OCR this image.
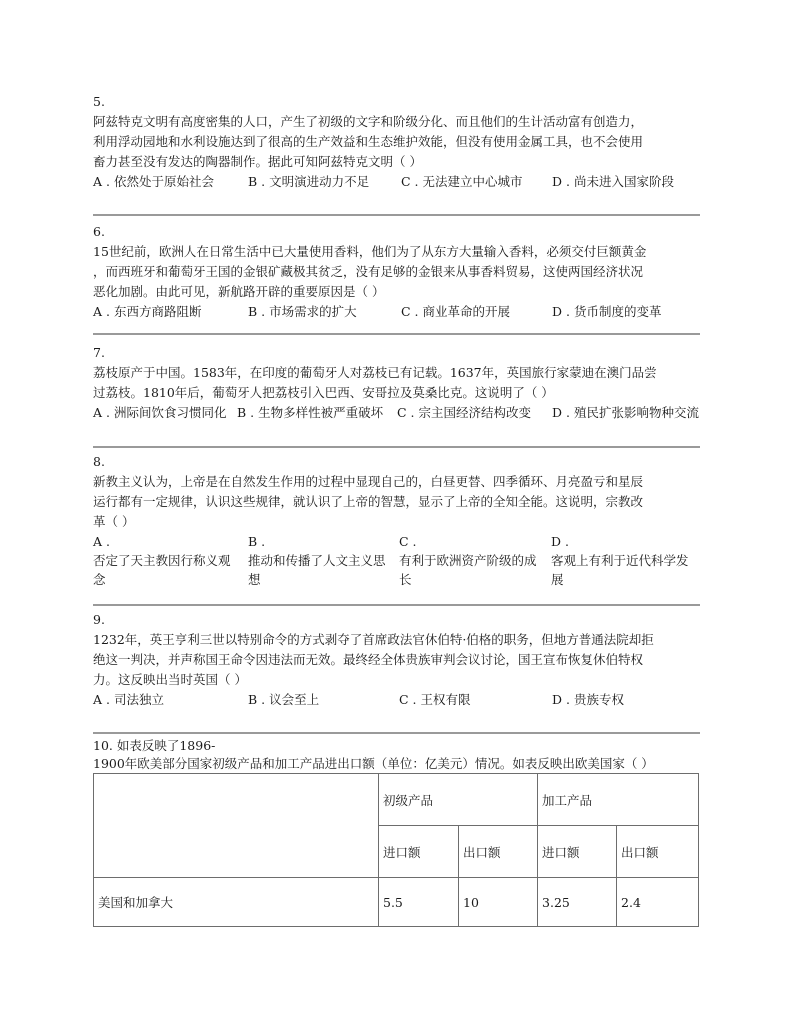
5.
阿兹特克文明有高度密集的人口，产生了初级的文字和阶级分化、而且他们的生计活动富有创造力，
利用浮动园地和水利设施达到了很高的生产效益和生态维护效能，但没有使用金属工具，也不会使用
畜力甚至没有发达的陶器制作。据此可知阿兹特克文明（ ）
A . 依然处于原始社会	B . 文明演进动力不足	C . 无法建立中心城市 D . 尚未进入国家阶段
6.
15世纪前，欧洲人在日常生活中已大量使用香料，他们为了从东方大量输入香料，必须交付巨额黄金
，而西班牙和葡萄牙王国的金银矿藏极其贫乏，没有足够的金银来从事香料贸易，这使两国经济状况
恶化加剧。由此可见，新航路开辟的重要原因是（ ）
A . 东西方商路阻断	B . 市场需求的扩大	C . 商业革命的开展	D . 货币制度的变革
7.
荔枝原产于中国。1583年，在印度的葡萄牙人对荔枝已有记载。1637年，英国旅行家蒙迪在澳门品尝
过荔枝。1810年后，葡萄牙人把荔枝引入巴西、安哥拉及莫桑比克。这说明了（ ）
A . 洲际间饮食习惯同化 B . 生物多样性被严重破坏 C . 宗主国经济结构改变 D . 殖民扩张影响物种交流
8.
新教主义认为，上帝是在自然发生作用的过程中显现自己的，白昼更替、四季循环、月亮盈亏和星辰
运行都有一定规律，认识这些规律，就认识了上帝的智慧，显示了上帝的全知全能。这说明，宗教改
革（ ）
A .
否定了天主教因行称义观
念
B .
推动和传播了人文主义思
想
C .
有利于欧洲资产阶级的成
长
D .
客观上有利于近代科学发
展
9.
1232年，英王亨利三世以特别命令的方式剥夺了首席政法官休伯特·伯格的职务，但地方普通法院却拒
绝这一判决，并声称国王命令因违法而无效。最终经全体贵族审判会议讨论，国王宣布恢复休伯特权
力。这反映出当时英国（ ）
A . 司法独立	B . 议会至上	C . 王权有限	D . 贵族专权
10. 如表反映了1896-
1900年欧美部分国家初级产品和加工产品进出口额（单位：亿美元）情况。如表反映出欧美国家（ ）
	初级产品		加工产品	
	进口额	出口额	进口额	出口额
美国和加拿大	5.5	10	3.25	2.4
